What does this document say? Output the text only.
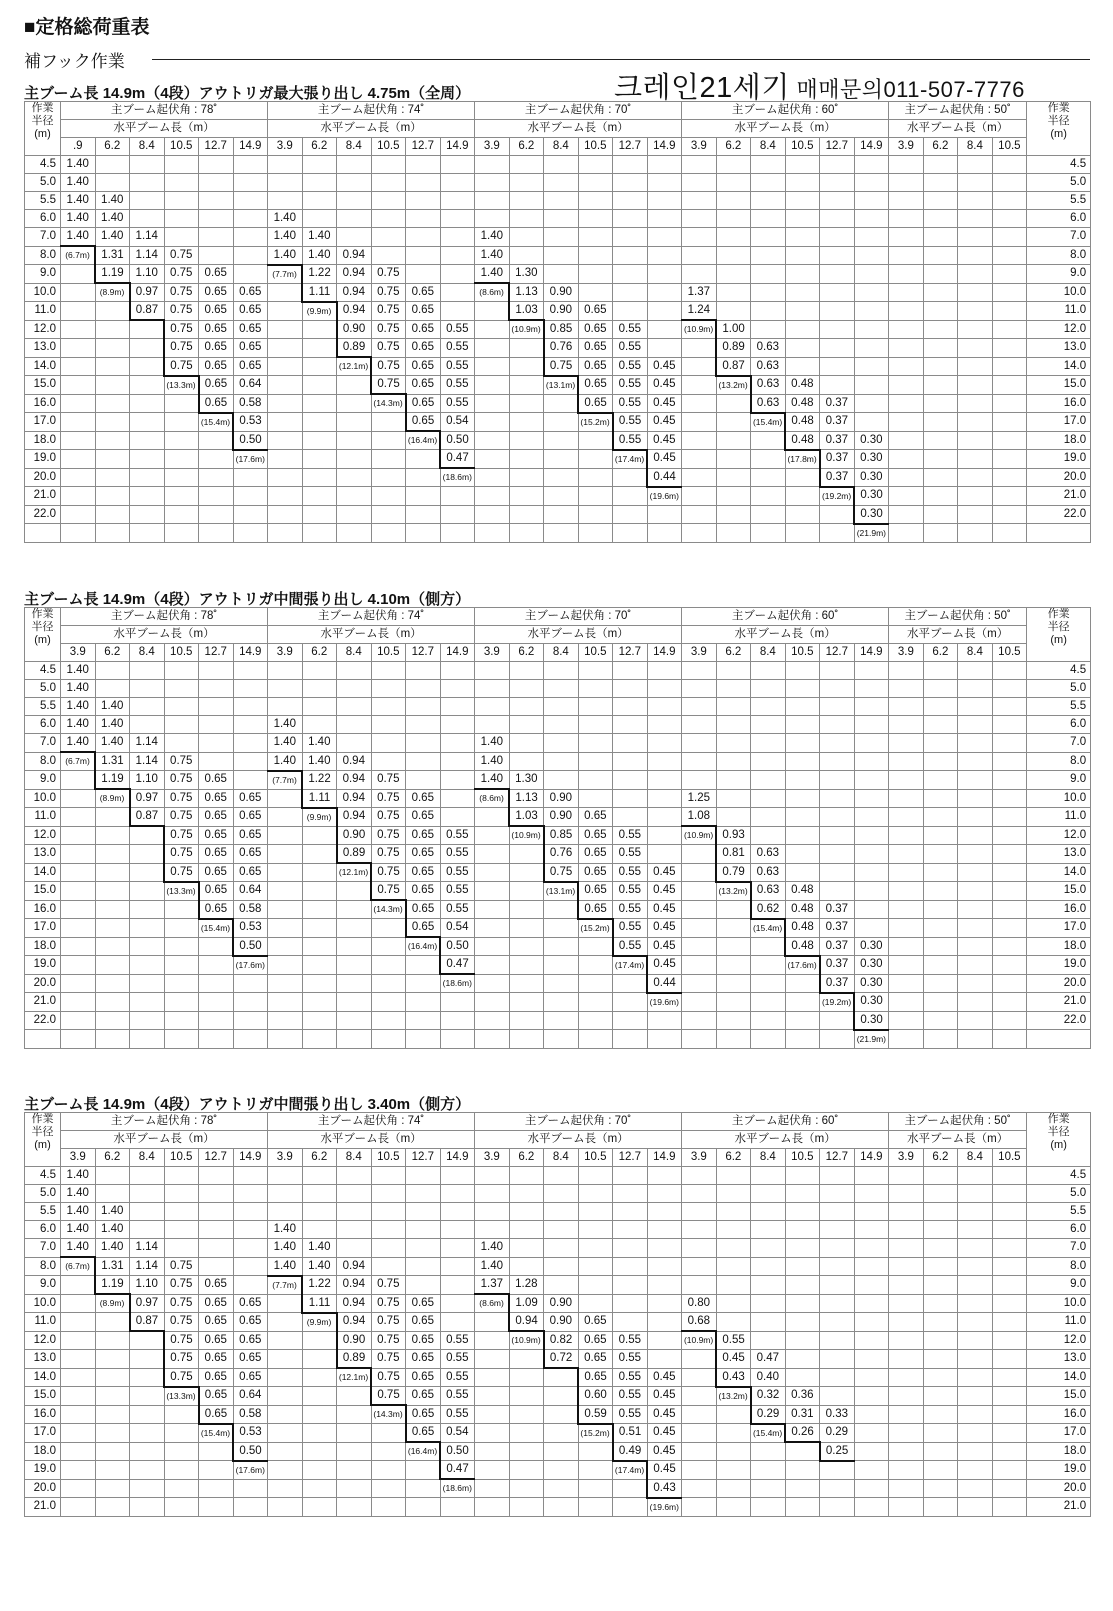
■定格総荷重表
補フック作業
크레인21세기 매매문의011-507-7776
主ブーム長 14.9m（4段）アウトリガ最大張り出し 4.75m（全周）
作業
半径
(m)	主ブーム起伏角 : 78˚						主ブーム起伏角 : 74˚						主ブーム起伏角 : 70˚						主ブーム起伏角 : 60˚						主ブーム起伏角 : 50˚				作業
半径
(m)
	水平ブーム長（m）						水平ブーム長（m）						水平ブーム長（m）						水平ブーム長（m）						水平ブーム長（m）				
	.9	6.2	8.4	10.5	12.7	14.9	3.9	6.2	8.4	10.5	12.7	14.9	3.9	6.2	8.4	10.5	12.7	14.9	3.9	6.2	8.4	10.5	12.7	14.9	3.9	6.2	8.4	10.5	
4.5	1.40																												4.5
5.0	1.40																												5.0
5.5	1.40	1.40																											5.5
6.0	1.40	1.40					1.40																						6.0
7.0	1.40	1.40	1.14				1.40	1.40					1.40																7.0
8.0	(6.7m)	1.31	1.14	0.75			1.40	1.40	0.94				1.40																8.0
9.0		1.19	1.10	0.75	0.65		(7.7m)	1.22	0.94	0.75			1.40	1.30															9.0
10.0		(8.9m)	0.97	0.75	0.65	0.65		1.11	0.94	0.75	0.65		(8.6m)	1.13	0.90				1.37										10.0
11.0			0.87	0.75	0.65	0.65		(9.9m)	0.94	0.75	0.65			1.03	0.90	0.65			1.24										11.0
12.0				0.75	0.65	0.65			0.90	0.75	0.65	0.55		(10.9m)	0.85	0.65	0.55		(10.9m)	1.00									12.0
13.0				0.75	0.65	0.65			0.89	0.75	0.65	0.55			0.76	0.65	0.55			0.89	0.63								13.0
14.0				0.75	0.65	0.65			(12.1m)	0.75	0.65	0.55			0.75	0.65	0.55	0.45		0.87	0.63								14.0
15.0				(13.3m)	0.65	0.64				0.75	0.65	0.55			(13.1m)	0.65	0.55	0.45		(13.2m)	0.63	0.48							15.0
16.0					0.65	0.58				(14.3m)	0.65	0.55				0.65	0.55	0.45			0.63	0.48	0.37						16.0
17.0					(15.4m)	0.53					0.65	0.54				(15.2m)	0.55	0.45			(15.4m)	0.48	0.37						17.0
18.0						0.50					(16.4m)	0.50					0.55	0.45				0.48	0.37	0.30					18.0
19.0						(17.6m)						0.47					(17.4m)	0.45				(17.8m)	0.37	0.30					19.0
20.0												(18.6m)						0.44					0.37	0.30					20.0
21.0																		(19.6m)					(19.2m)	0.30					21.0
22.0																								0.30					22.0
																								(21.9m)					
主ブーム長 14.9m（4段）アウトリガ中間張り出し 4.10m（側方）
作業
半径
(m)	主ブーム起伏角 : 78˚						主ブーム起伏角 : 74˚						主ブーム起伏角 : 70˚						主ブーム起伏角 : 60˚						主ブーム起伏角 : 50˚				作業
半径
(m)
	水平ブーム長（m）						水平ブーム長（m）						水平ブーム長（m）						水平ブーム長（m）						水平ブーム長（m）				
	3.9	6.2	8.4	10.5	12.7	14.9	3.9	6.2	8.4	10.5	12.7	14.9	3.9	6.2	8.4	10.5	12.7	14.9	3.9	6.2	8.4	10.5	12.7	14.9	3.9	6.2	8.4	10.5	
4.5	1.40																												4.5
5.0	1.40																												5.0
5.5	1.40	1.40																											5.5
6.0	1.40	1.40					1.40																						6.0
7.0	1.40	1.40	1.14				1.40	1.40					1.40																7.0
8.0	(6.7m)	1.31	1.14	0.75			1.40	1.40	0.94				1.40																8.0
9.0		1.19	1.10	0.75	0.65		(7.7m)	1.22	0.94	0.75			1.40	1.30															9.0
10.0		(8.9m)	0.97	0.75	0.65	0.65		1.11	0.94	0.75	0.65		(8.6m)	1.13	0.90				1.25										10.0
11.0			0.87	0.75	0.65	0.65		(9.9m)	0.94	0.75	0.65			1.03	0.90	0.65			1.08										11.0
12.0				0.75	0.65	0.65			0.90	0.75	0.65	0.55		(10.9m)	0.85	0.65	0.55		(10.9m)	0.93									12.0
13.0				0.75	0.65	0.65			0.89	0.75	0.65	0.55			0.76	0.65	0.55			0.81	0.63								13.0
14.0				0.75	0.65	0.65			(12.1m)	0.75	0.65	0.55			0.75	0.65	0.55	0.45		0.79	0.63								14.0
15.0				(13.3m)	0.65	0.64				0.75	0.65	0.55			(13.1m)	0.65	0.55	0.45		(13.2m)	0.63	0.48							15.0
16.0					0.65	0.58				(14.3m)	0.65	0.55				0.65	0.55	0.45			0.62	0.48	0.37						16.0
17.0					(15.4m)	0.53					0.65	0.54				(15.2m)	0.55	0.45			(15.4m)	0.48	0.37						17.0
18.0						0.50					(16.4m)	0.50					0.55	0.45				0.48	0.37	0.30					18.0
19.0						(17.6m)						0.47					(17.4m)	0.45				(17.6m)	0.37	0.30					19.0
20.0												(18.6m)						0.44					0.37	0.30					20.0
21.0																		(19.6m)					(19.2m)	0.30					21.0
22.0																								0.30					22.0
																								(21.9m)					
主ブーム長 14.9m（4段）アウトリガ中間張り出し 3.40m（側方）
作業
半径
(m)	主ブーム起伏角 : 78˚						主ブーム起伏角 : 74˚						主ブーム起伏角 : 70˚						主ブーム起伏角 : 60˚						主ブーム起伏角 : 50˚				作業
半径
(m)
	水平ブーム長（m）						水平ブーム長（m）						水平ブーム長（m）						水平ブーム長（m）						水平ブーム長（m）				
	3.9	6.2	8.4	10.5	12.7	14.9	3.9	6.2	8.4	10.5	12.7	14.9	3.9	6.2	8.4	10.5	12.7	14.9	3.9	6.2	8.4	10.5	12.7	14.9	3.9	6.2	8.4	10.5	
4.5	1.40																												4.5
5.0	1.40																												5.0
5.5	1.40	1.40																											5.5
6.0	1.40	1.40					1.40																						6.0
7.0	1.40	1.40	1.14				1.40	1.40					1.40																7.0
8.0	(6.7m)	1.31	1.14	0.75			1.40	1.40	0.94				1.40																8.0
9.0		1.19	1.10	0.75	0.65		(7.7m)	1.22	0.94	0.75			1.37	1.28															9.0
10.0		(8.9m)	0.97	0.75	0.65	0.65		1.11	0.94	0.75	0.65		(8.6m)	1.09	0.90				0.80										10.0
11.0			0.87	0.75	0.65	0.65		(9.9m)	0.94	0.75	0.65			0.94	0.90	0.65			0.68										11.0
12.0				0.75	0.65	0.65			0.90	0.75	0.65	0.55		(10.9m)	0.82	0.65	0.55		(10.9m)	0.55									12.0
13.0				0.75	0.65	0.65			0.89	0.75	0.65	0.55			0.72	0.65	0.55			0.45	0.47								13.0
14.0				0.75	0.65	0.65			(12.1m)	0.75	0.65	0.55				0.65	0.55	0.45		0.43	0.40								14.0
15.0				(13.3m)	0.65	0.64				0.75	0.65	0.55				0.60	0.55	0.45		(13.2m)	0.32	0.36							15.0
16.0					0.65	0.58				(14.3m)	0.65	0.55				0.59	0.55	0.45			0.29	0.31	0.33						16.0
17.0					(15.4m)	0.53					0.65	0.54				(15.2m)	0.51	0.45			(15.4m)	0.26	0.29						17.0
18.0						0.50					(16.4m)	0.50					0.49	0.45					0.25						18.0
19.0						(17.6m)						0.47					(17.4m)	0.45											19.0
20.0												(18.6m)						0.43											20.0
21.0																		(19.6m)											21.0
